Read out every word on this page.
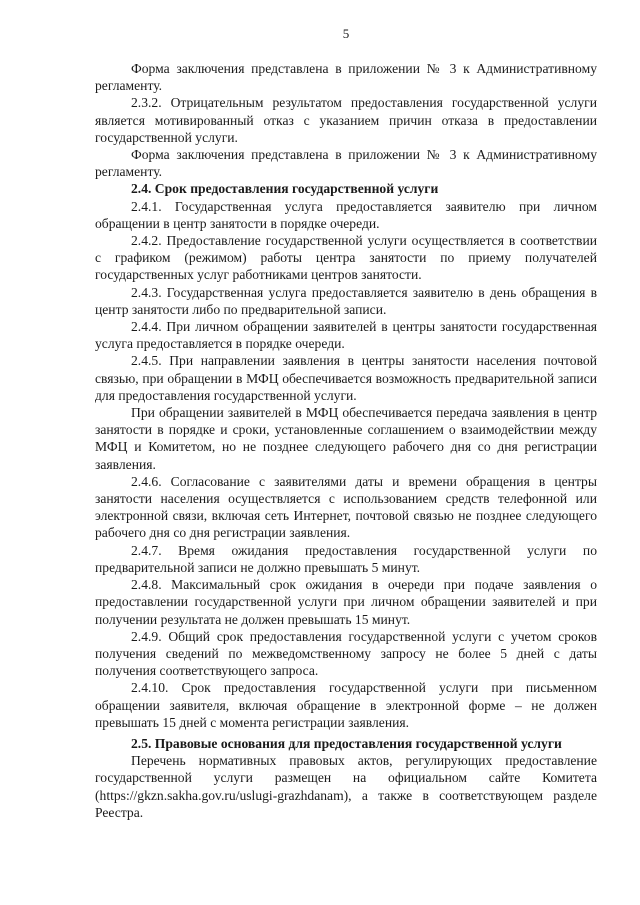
5

Форма заключения представлена в приложении № 3 к Административному регламенту.

2.3.2. Отрицательным результатом предоставления государственной услуги является мотивированный отказ с указанием причин отказа в предоставлении государственной услуги.

Форма заключения представлена в приложении № 3 к Административному регламенту.

2.4. Срок предоставления государственной услуги

2.4.1. Государственная услуга предоставляется заявителю при личном обращении в центр занятости в порядке очереди.

2.4.2. Предоставление государственной услуги осуществляется в соответствии с графиком (режимом) работы центра занятости по приему получателей государственных услуг работниками центров занятости.

2.4.3. Государственная услуга предоставляется заявителю в день обращения в центр занятости либо по предварительной записи.

2.4.4. При личном обращении заявителей в центры занятости государственная услуга предоставляется в порядке очереди.

2.4.5. При направлении заявления в центры занятости населения почтовой связью, при обращении в МФЦ обеспечивается возможность предварительной записи для предоставления государственной услуги.

При обращении заявителей в МФЦ обеспечивается передача заявления в центр занятости в порядке и сроки, установленные соглашением о взаимодействии между МФЦ и Комитетом, но не позднее следующего рабочего дня со дня регистрации заявления.

2.4.6. Согласование с заявителями даты и времени обращения в центры занятости населения осуществляется с использованием средств телефонной или электронной связи, включая сеть Интернет, почтовой связью не позднее следующего рабочего дня со дня регистрации заявления.

2.4.7. Время ожидания предоставления государственной услуги по предварительной записи не должно превышать 5 минут.

2.4.8. Максимальный срок ожидания в очереди при подаче заявления о предоставлении государственной услуги при личном обращении заявителей и при получении результата не должен превышать 15 минут.

2.4.9. Общий срок предоставления государственной услуги с учетом сроков получения сведений по межведомственному запросу не более 5 дней с даты получения соответствующего запроса.

2.4.10. Срок предоставления государственной услуги при письменном обращении заявителя, включая обращение в электронной форме – не должен превышать 15 дней с момента регистрации заявления.

2.5. Правовые основания для предоставления государственной услуги

Перечень нормативных правовых актов, регулирующих предоставление государственной услуги размещен на официальном сайте Комитета (https://gkzn.sakha.gov.ru/uslugi-grazhdanam), а также в соответствующем разделе Реестра.
